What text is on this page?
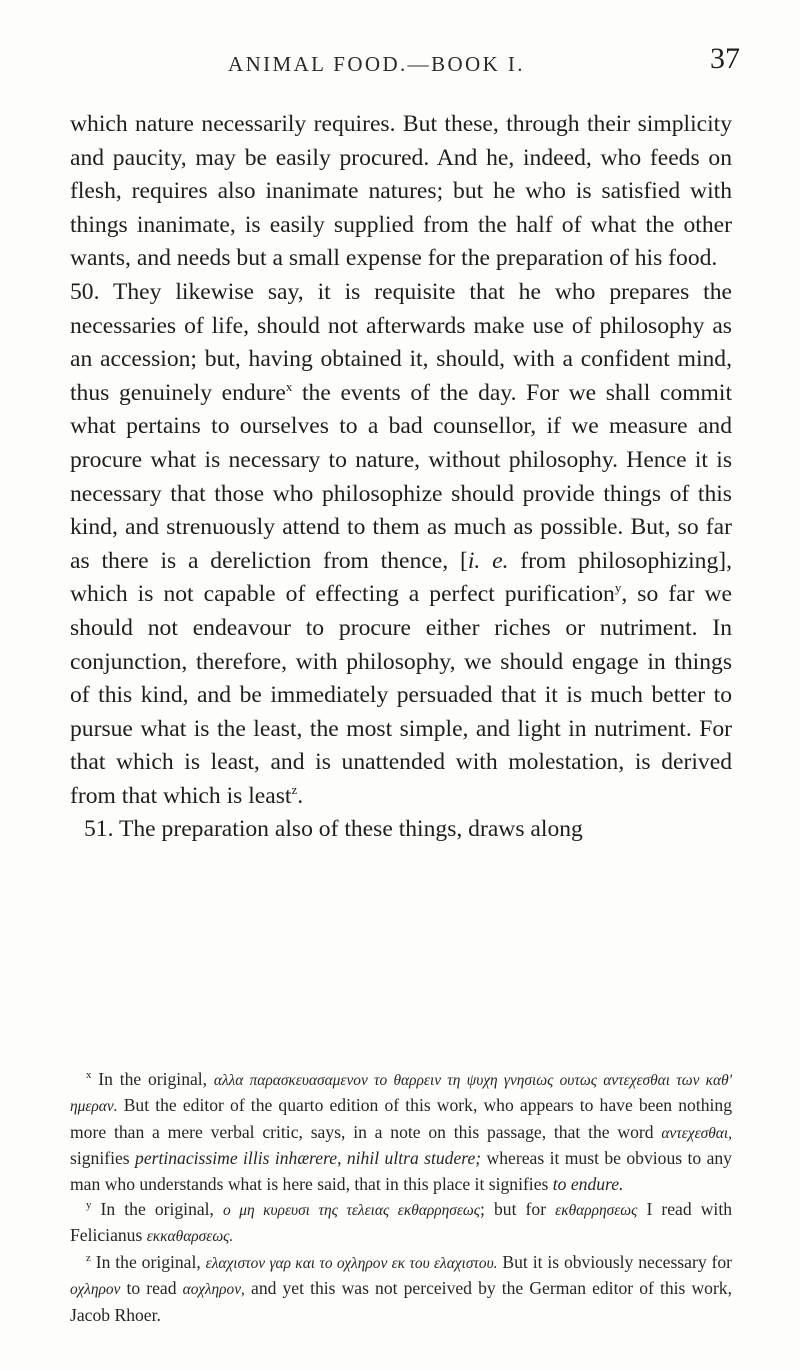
ANIMAL FOOD.—BOOK I.	37

which nature necessarily requires. But these, through their simplicity and paucity, may be easily procured. And he, indeed, who feeds on flesh, requires also inanimate natures; but he who is satisfied with things inanimate, is easily supplied from the half of what the other wants, and needs but a small expense for the preparation of his food.

50. They likewise say, it is requisite that he who prepares the necessaries of life, should not afterwards make use of philosophy as an accession; but, having obtained it, should, with a confident mind, thus genuinely endure$^x$ the events of the day. For we shall commit what pertains to ourselves to a bad counsellor, if we measure and procure what is necessary to nature, without philosophy. Hence it is necessary that those who philosophize should provide things of this kind, and strenuously attend to them as much as possible. But, so far as there is a dereliction from thence, [i. e. from philosophizing], which is not capable of effecting a perfect purification$^y$, so far we should not endeavour to procure either riches or nutriment. In conjunction, therefore, with philosophy, we should engage in things of this kind, and be immediately persuaded that it is much better to pursue what is the least, the most simple, and light in nutriment. For that which is least, and is unattended with molestation, is derived from that which is least$^z$.

51. The preparation also of these things, draws along

$^x$ In the original, αλλα παρασκευασαμενον το θαρρειν τη ψυχη γνησιως ουτως αντεχεσθαι των καθ' ημεραν. But the editor of the quarto edition of this work, who appears to have been nothing more than a mere verbal critic, says, in a note on this passage, that the word αντεχεσθαι, signifies pertinacissime illis inhærere, nihil ultra studere; whereas it must be obvious to any man who understands what is here said, that in this place it signifies to endure.

$^y$ In the original, ο μη κυρευσι της τελειας εκθαρρησεως; but for εκθαρρησεως I read with Felicianus εκκαθαρσεως.

$^z$ In the original, ελαχιστον γαρ και το οχληρον εκ του ελαχιστου. But it is obviously necessary for οχληρον to read αοχληρον, and yet this was not perceived by the German editor of this work, Jacob Rhoer.
